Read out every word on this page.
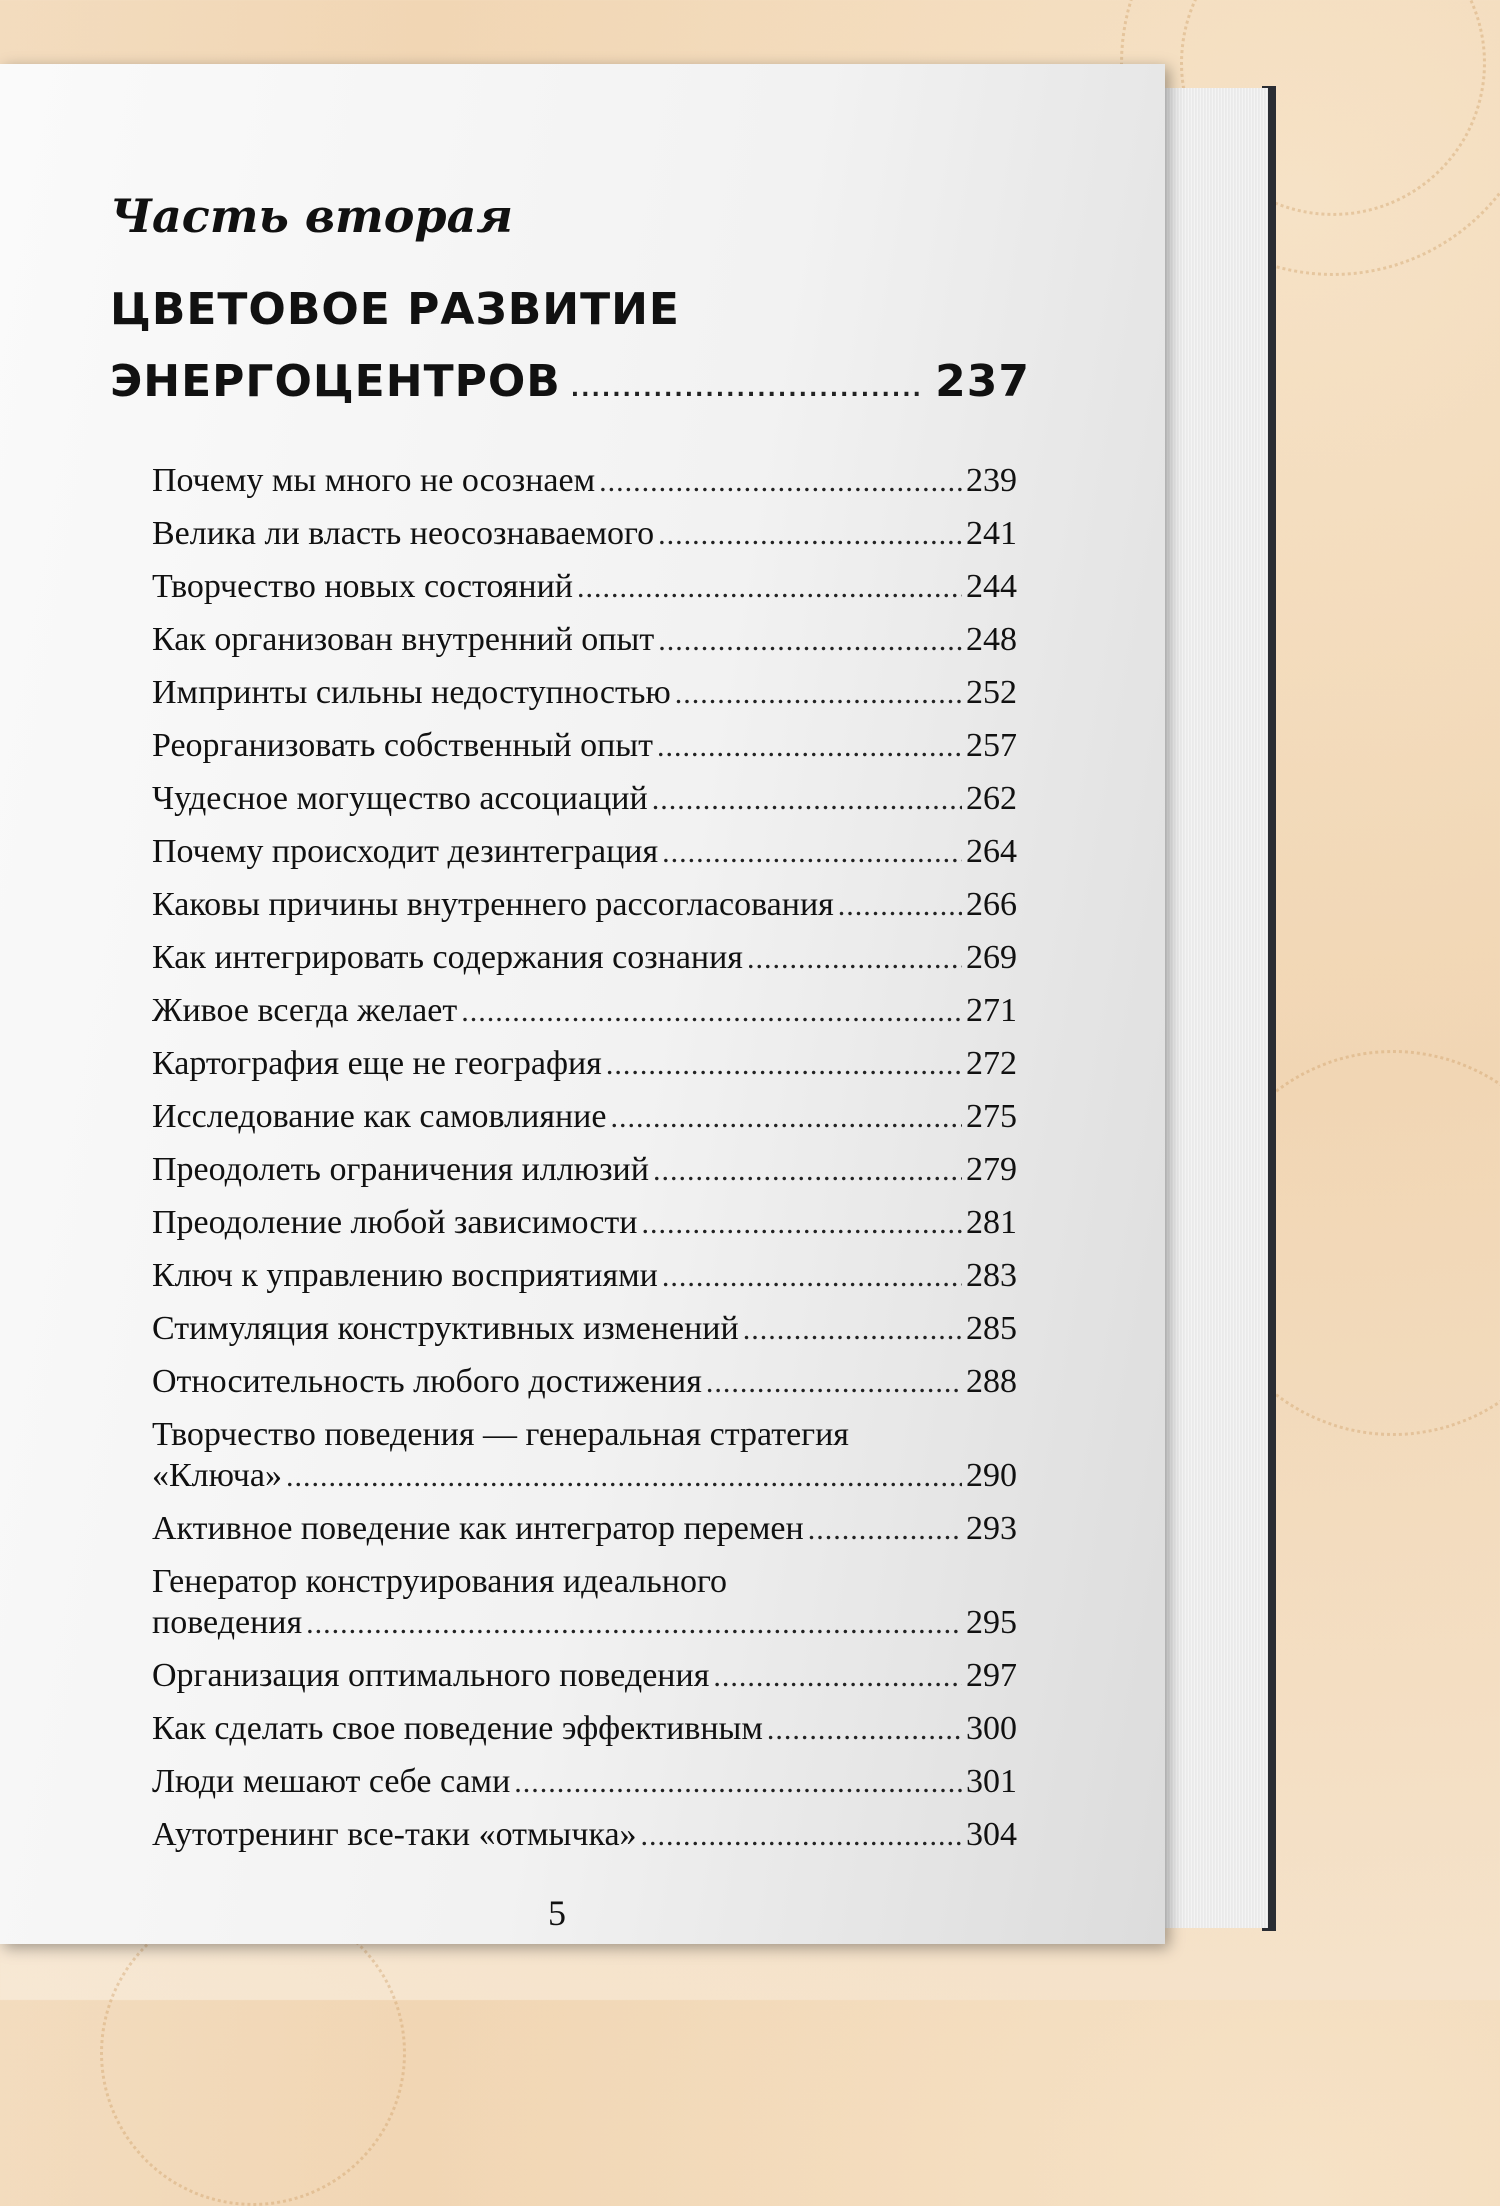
Часть вторая
ЦВЕТОВОЕ РАЗВИТИЕ
ЭНЕРГОЦЕНТРОВ .....	237
Почему мы много не осознаем .....	239
Велика ли власть неосознаваемого .....	241
Творчество новых состояний .....	244
Как организован внутренний опыт .....	248
Импринты сильны недоступностью .....	252
Реорганизовать собственный опыт .....	257
Чудесное могущество ассоциаций .....	262
Почему происходит дезинтеграция .....	264
Каковы причины внутреннего рассогласования .....	266
Как интегрировать содержания сознания .....	269
Живое всегда желает .....	271
Картография еще не география .....	272
Исследование как самовлияние .....	275
Преодолеть ограничения иллюзий .....	279
Преодоление любой зависимости .....	281
Ключ к управлению восприятиями .....	283
Стимуляция конструктивных изменений .....	285
Относительность любого достижения .....	288
Творчество поведения — генеральная стратегия
«Ключа» .....	290
Активное поведение как интегратор перемен .....	293
Генератор конструирования идеального
поведения .....	295
Организация оптимального поведения .....	297
Как сделать свое поведение эффективным .....	300
Люди мешают себе сами .....	301
Аутотренинг все-таки «отмычка» .....	304
5
